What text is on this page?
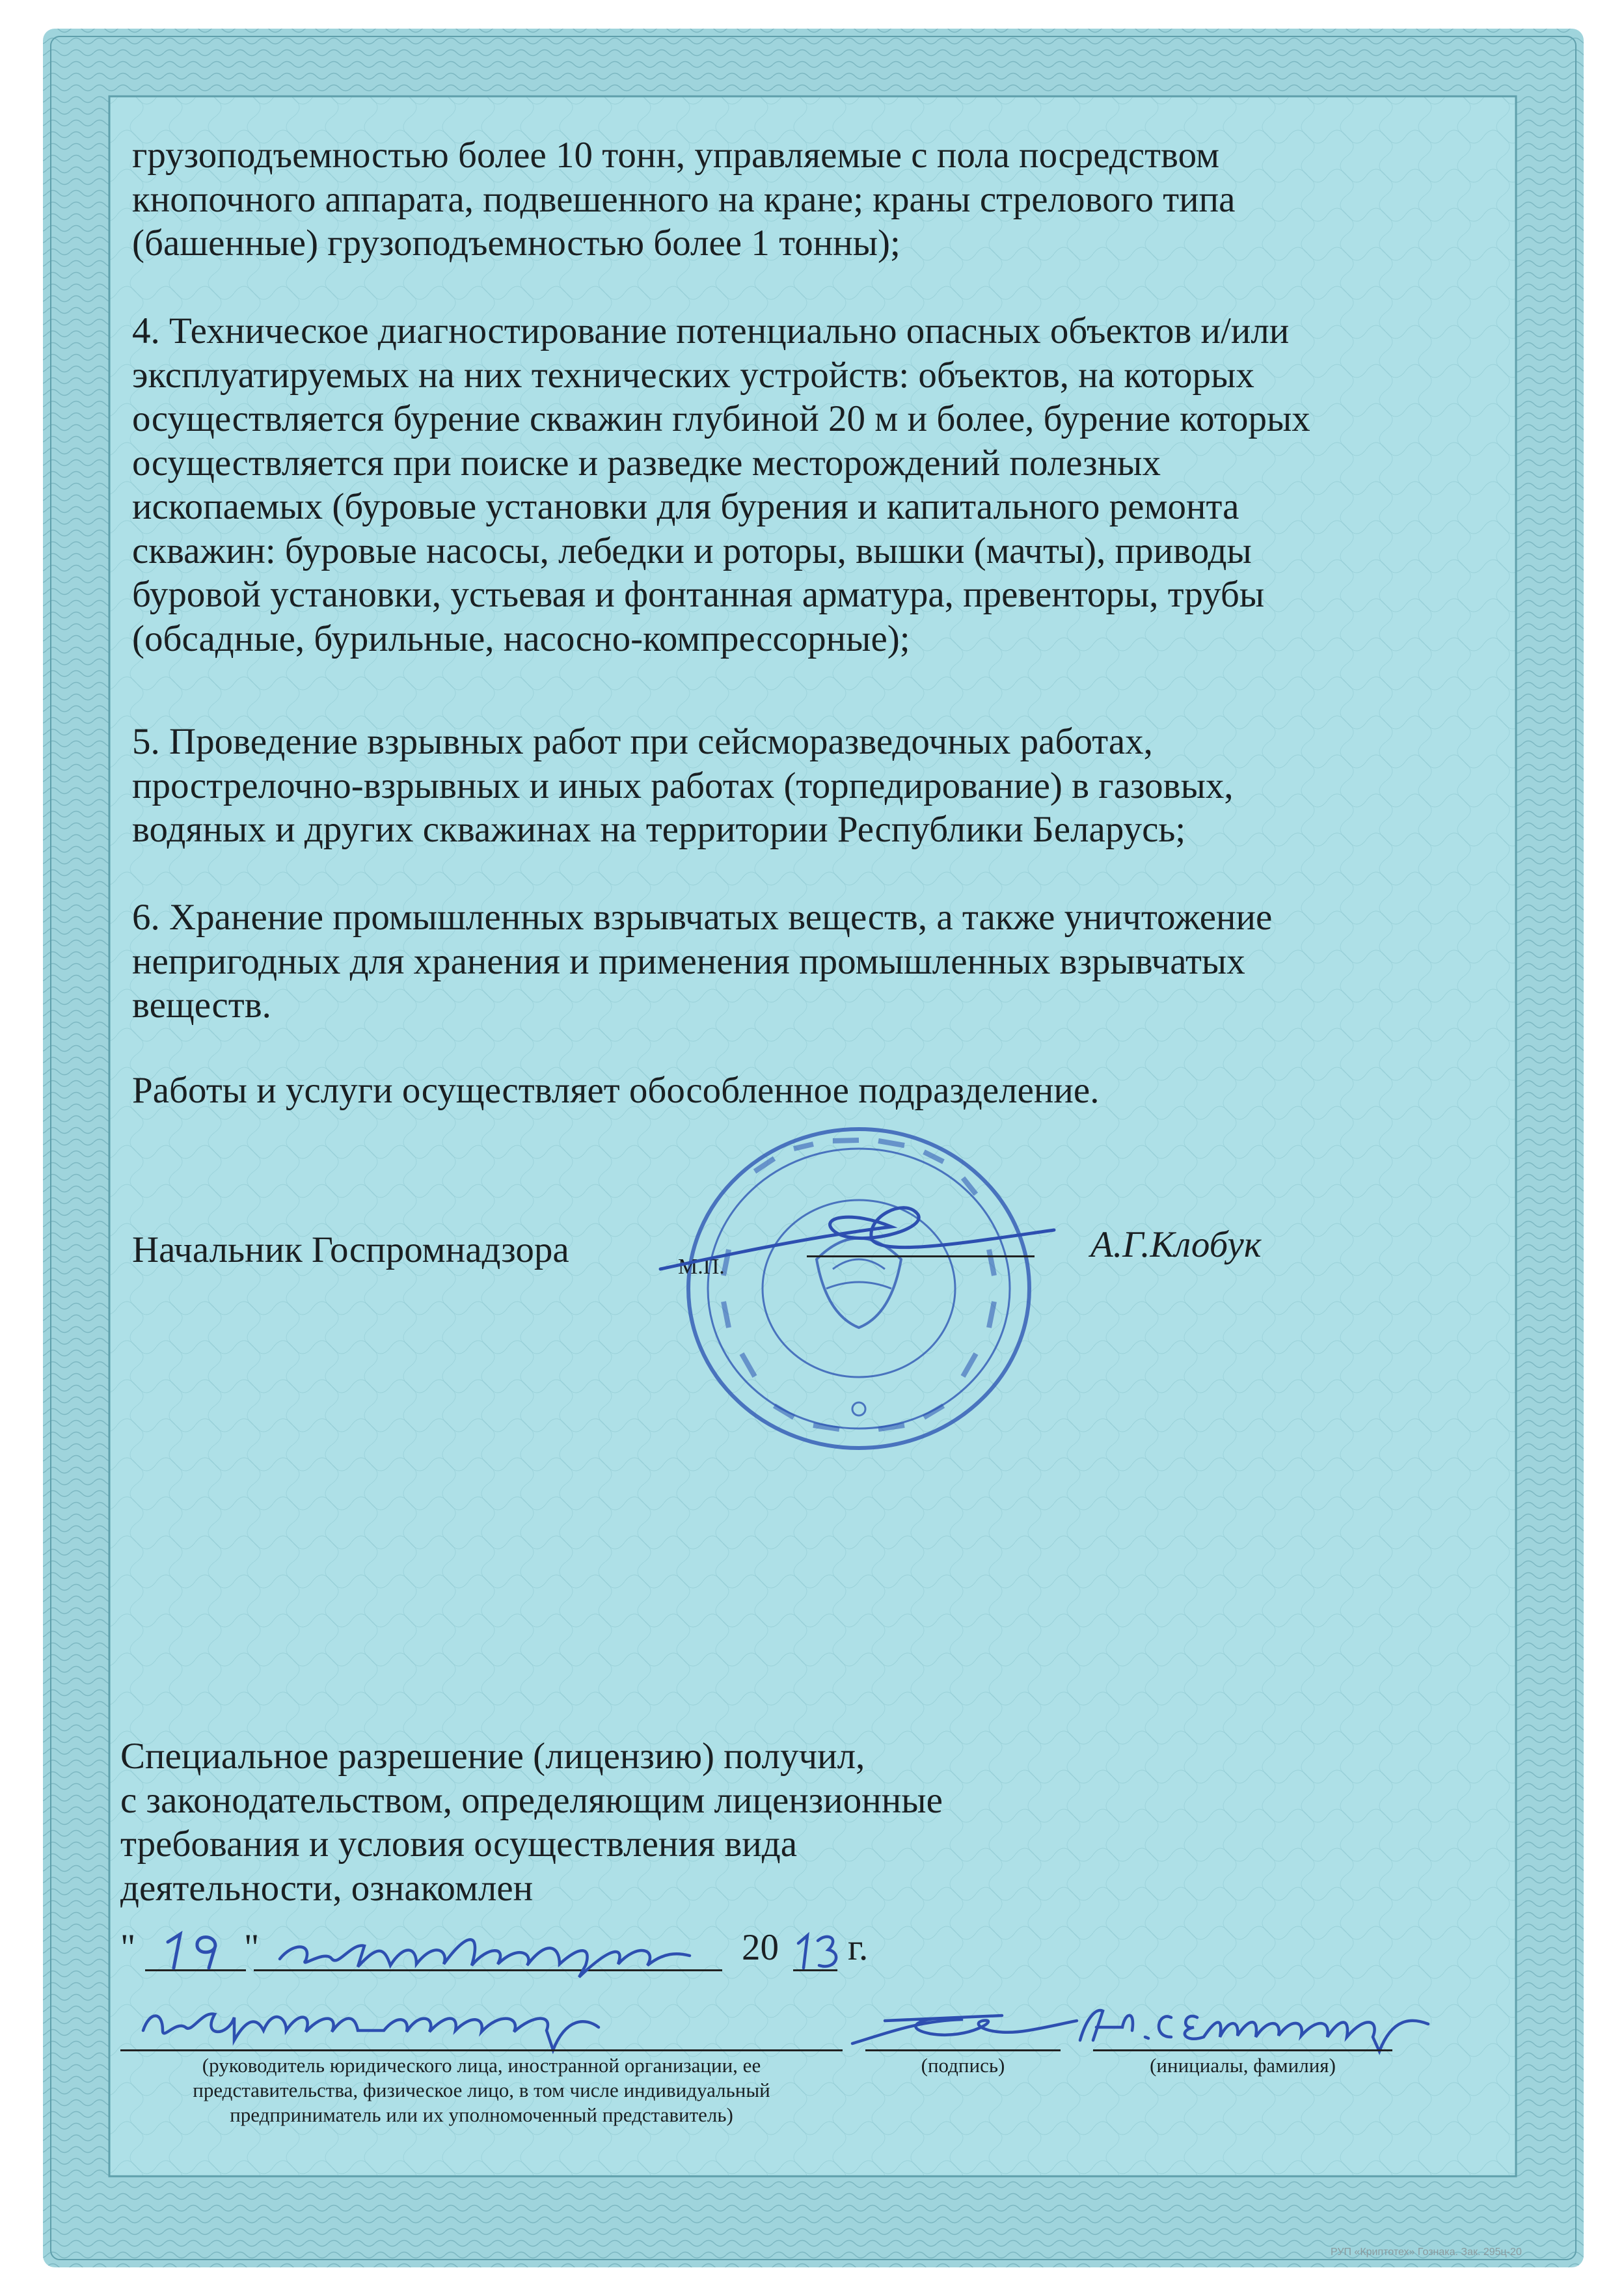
грузоподъемностью более 10 тонн, управляемые с пола посредством
кнопочного аппарата, подвешенного на кране; краны стрелового типа
(башенные) грузоподъемностью более 1 тонны);
4. Техническое диагностирование потенциально опасных объектов и/или
эксплуатируемых на них технических устройств: объектов, на которых
осуществляется бурение скважин глубиной 20 м и более, бурение которых
осуществляется при поиске и разведке месторождений полезных
ископаемых (буровые установки для бурения и капитального ремонта
скважин: буровые насосы, лебедки и роторы, вышки (мачты), приводы
буровой установки, устьевая и фонтанная арматура, превенторы, трубы
(обсадные, бурильные, насосно-компрессорные);
5. Проведение взрывных работ при сейсморазведочных работах,
прострелочно-взрывных и иных работах (торпедирование) в газовых,
водяных и других скважинах на территории Республики Беларусь;
6. Хранение промышленных взрывчатых веществ, а также уничтожение
непригодных для хранения и применения промышленных взрывчатых
веществ.
Работы и услуги осуществляет обособленное подразделение.
Начальник Госпромнадзора	М.П.
А.Г.Клобук
Специальное разрешение (лицензию) получил,
с законодательством, определяющим лицензионные
требования и условия осуществления вида
деятельности, ознакомлен
"	"	20 г.

(руководитель юридического лица, иностранной организации, ее
представительства, физическое лицо, в том числе индивидуальный
предприниматель или их уполномоченный представитель)

(подпись)	(инициалы, фамилия)

РУП «Криптотех» Гознака. Зак. 295ц-20
